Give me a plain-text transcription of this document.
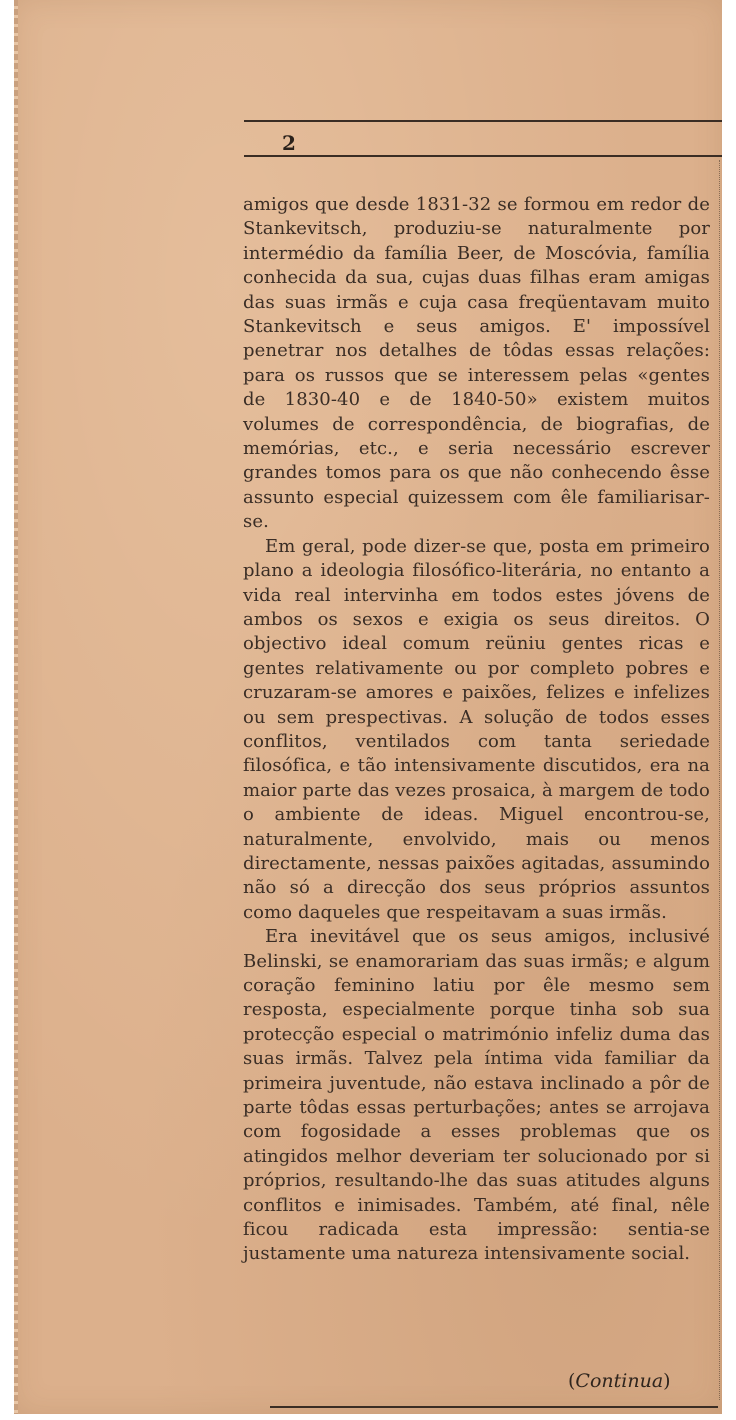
2

amigos que desde 1831-32 se formou em redor de Stankevitsch, produziu-se naturalmente por intermédio da família Beer, de Moscóvia, família conhecida da sua, cujas duas filhas eram amigas das suas irmãs e cuja casa freqüentavam muito Stankevitsch e seus amigos. E' impossível penetrar nos detalhes de tôdas essas relações: para os russos que se interessem pelas «gentes de 1830-40 e de 1840-50» existem muitos volumes de correspondência, de biografias, de memórias, etc., e seria necessário escrever grandes tomos para os que não conhecendo êsse assunto especial quizessem com êle familiarisar-se.

Em geral, pode dizer-se que, posta em primeiro plano a ideologia filosófico-literária, no entanto a vida real intervinha em todos estes jóvens de ambos os sexos e exigia os seus direitos. O objectivo ideal comum reüniu gentes ricas e gentes relativamente ou por completo pobres e cruzaram-se amores e paixões, felizes e infelizes ou sem prespectivas. A solução de todos esses conflitos, ventilados com tanta seriedade filosófica, e tão intensivamente discutidos, era na maior parte das vezes prosaica, à margem de todo o ambiente de ideas. Miguel encontrou-se, naturalmente, envolvido, mais ou menos directamente, nessas paixões agitadas, assumindo não só a direcção dos seus próprios assuntos como daqueles que respeitavam a suas irmãs.

Era inevitável que os seus amigos, inclusivé Belinski, se enamorariam das suas irmãs; e algum coração feminino latiu por êle mesmo sem resposta, especialmente porque tinha sob sua protecção especial o matrimónio infeliz duma das suas irmãs. Talvez pela íntima vida familiar da primeira juventude, não estava inclinado a pôr de parte tôdas essas perturbações; antes se arrojava com fogosidade a esses problemas que os atingidos melhor deveriam ter solucionado por si próprios, resultando-lhe das suas atitudes alguns conflitos e inimisades. Também, até final, nêle ficou radicada esta impressão: sentia-se justamente uma natureza intensivamente social.

(Continua)
